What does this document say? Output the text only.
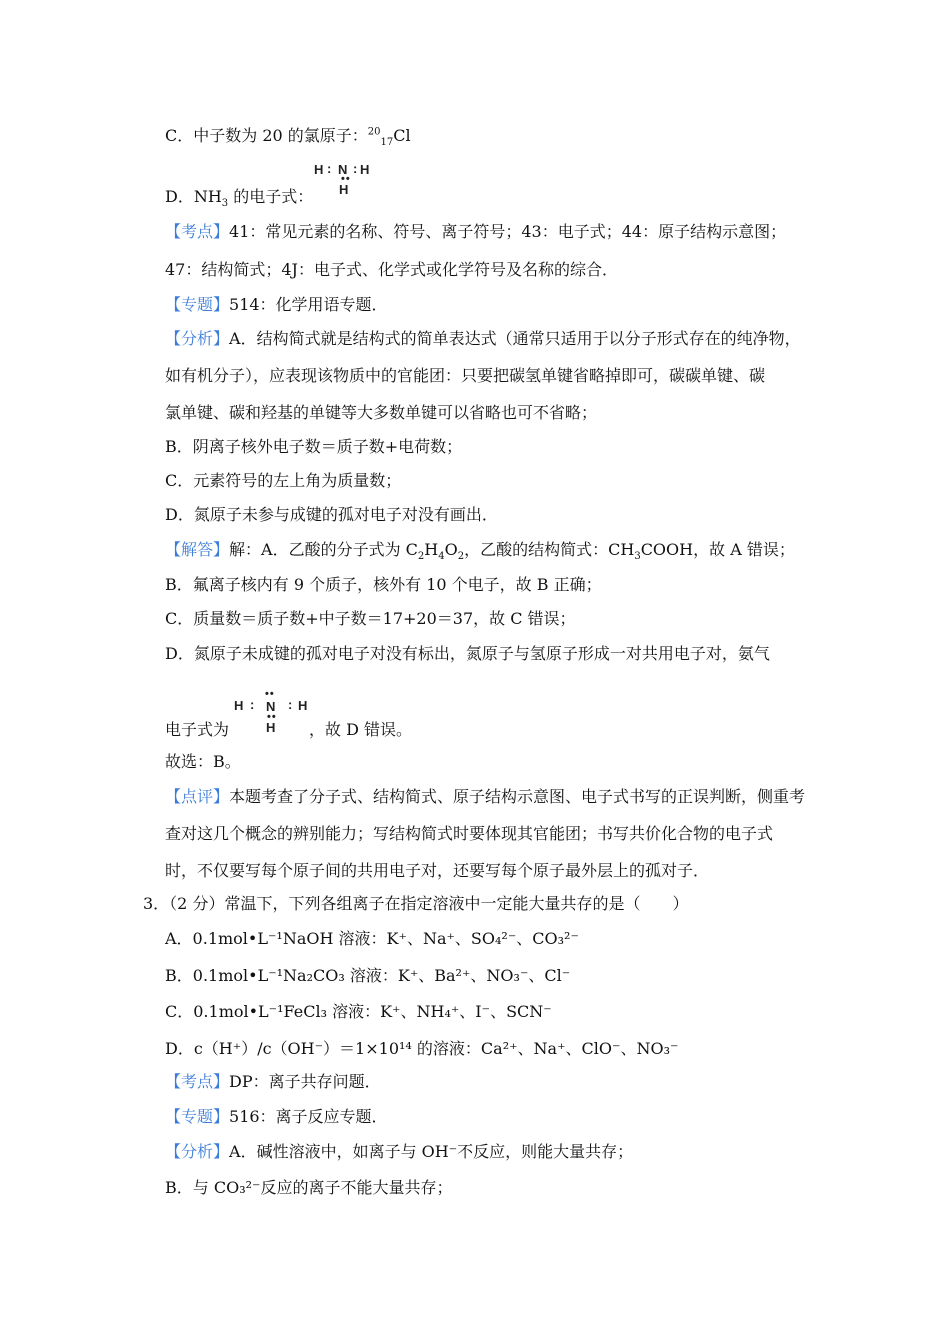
C．中子数为 20 的氯原子：$^{20}_{17}$Cl
D．$NH_3$ 的电子式：
H : N : H
••
H
【考点】41：常见元素的名称、符号、离子符号；43：电子式；44：原子结构示意图；
47：结构简式；4J：电子式、化学式或化学符号及名称的综合．
【专题】514：化学用语专题．
【分析】A．结构简式就是结构式的简单表达式（通常只适用于以分子形式存在的纯净物，
如有机分子），应表现该物质中的官能团：只要把碳氢单键省略掉即可，碳碳单键、碳
氯单键、碳和羟基的单键等大多数单键可以省略也可不省略；
B．阴离子核外电子数＝质子数+电荷数；
C．元素符号的左上角为质量数；
D．氮原子未参与成键的孤对电子对没有画出．
【解答】解：A．乙酸的分子式为 $C_2H_4O_2$，乙酸的结构简式：$CH_3COOH$，故 A 错误；
B．氟离子核内有 9 个质子，核外有 10 个电子，故 B 正确；
C．质量数＝质子数+中子数＝17+20＝37，故 C 错误；
D．氮原子未成键的孤对电子对没有标出，氮原子与氢原子形成一对共用电子对，氨气
••
H : N : H
••
H
电子式为	，故 D 错误。
故选：B。
【点评】本题考查了分子式、结构简式、原子结构示意图、电子式书写的正误判断，侧重考
查对这几个概念的辨别能力；写结构简式时要体现其官能团；书写共价化合物的电子式
时，不仅要写每个原子间的共用电子对，还要写每个原子最外层上的孤对子．
3．（2 分）常温下，下列各组离子在指定溶液中一定能大量共存的是（　　）
A．0.1mol•L⁻¹NaOH 溶液：K⁺、Na⁺、SO₄²⁻、CO₃²⁻
B．0.1mol•L⁻¹Na₂CO₃ 溶液：K⁺、Ba²⁺、NO₃⁻、Cl⁻
C．0.1mol•L⁻¹FeCl₃ 溶液：K⁺、NH₄⁺、I⁻、SCN⁻
D．c（H⁺）/c（OH⁻）＝1×10¹⁴ 的溶液：Ca²⁺、Na⁺、ClO⁻、NO₃⁻
【考点】DP：离子共存问题．
【专题】516：离子反应专题．
【分析】A．碱性溶液中，如离子与 OH⁻不反应，则能大量共存；
B．与 CO₃²⁻反应的离子不能大量共存；
